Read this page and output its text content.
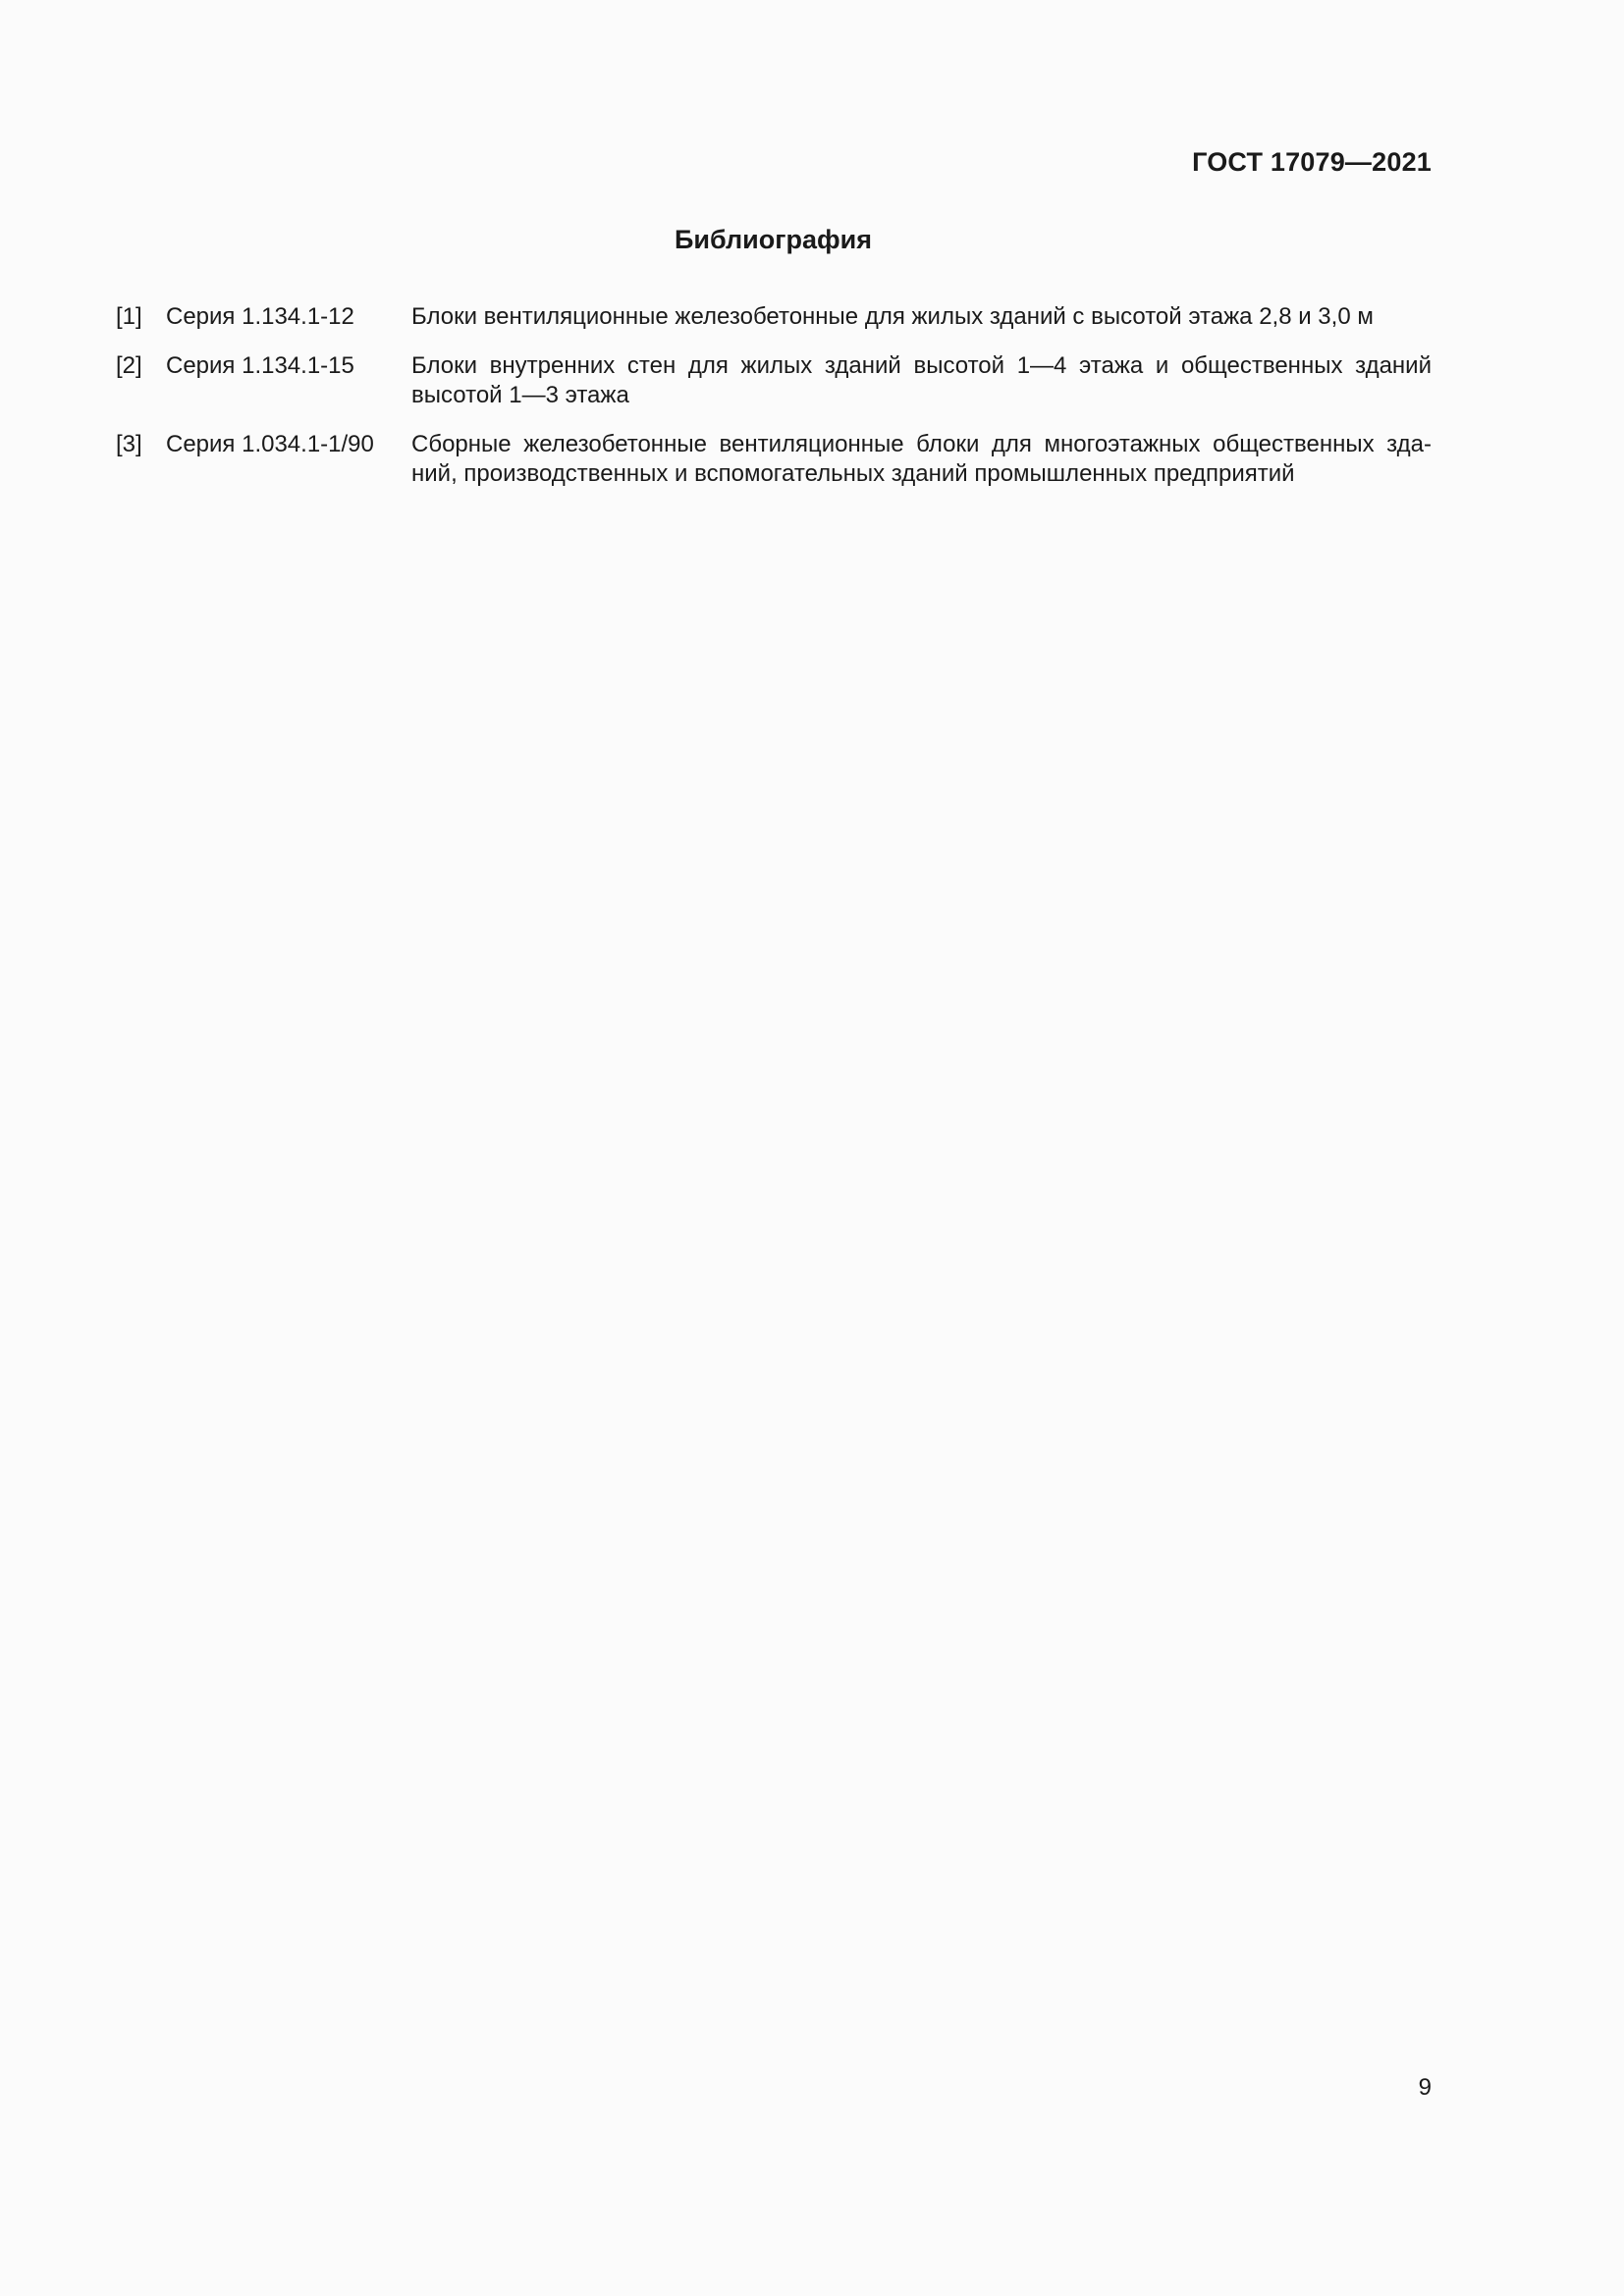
ГОСТ 17079—2021
Библиография
[1]	Серия 1.134.1-12	Блоки вентиляционные железобетонные для жилых зданий с высотой этажа 2,8 и 3,0 м
[2]	Серия 1.134.1-15	Блоки внутренних стен для жилых зданий высотой 1—4 этажа и общественных зданий
высотой 1—3 этажа
[3]	Серия 1.034.1-1/90	Сборные железобетонные вентиляционные блоки для многоэтажных общественных зда-
ний, производственных и вспомогательных зданий промышленных предприятий
9
